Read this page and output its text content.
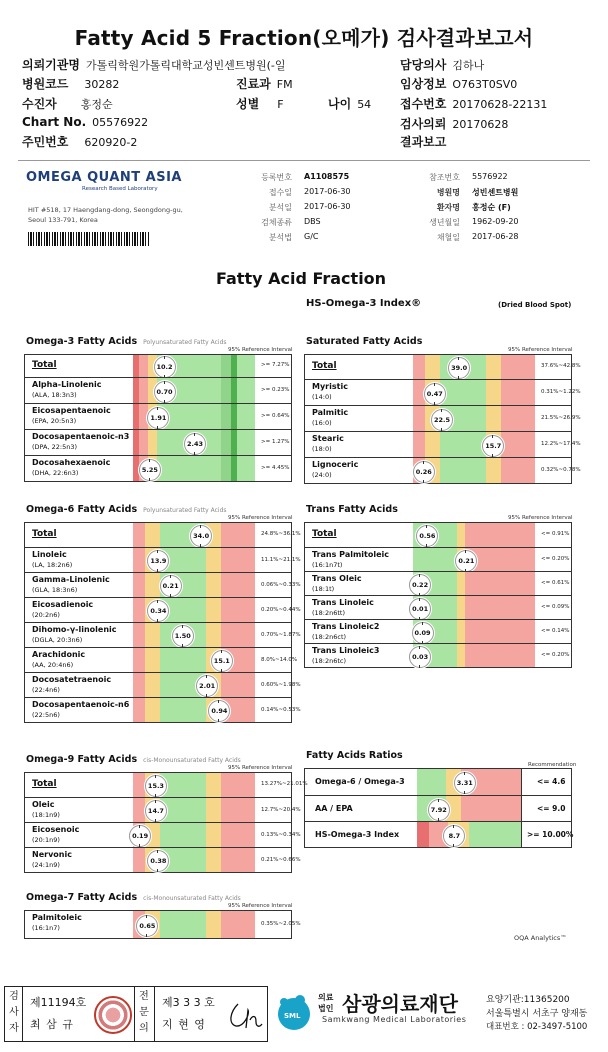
Fatty Acid 5 Fraction(오메가) 검사결과보고서
의뢰기관명 가톨릭학원가톨릭대학교성빈센트병원(-일	담당의사 김하나
병원코드 30282	진료과 FM	임상정보 O763T0SV0
수진자 홍정순	성별 F	나이 54 접수번호 20170628-22131
Chart No. 05576922	검사의뢰 20170628
주민번호 620920-2	결과보고
OMEGA QUANT ASIA
Research Based Laboratory
HIT #518, 17 Haengdang-dong, Seongdong-gu,
Seoul 133-791, Korea
Fatty Acid Fraction
HS-Omega-3 Index®	(Dried Blood Spot)
OQA Analytics™
등록번호 A1108575
접수일 2017-06-30
분석일 2017-06-30
검체종류 DBS
분석법 G/C
참조번호 5576922
병원명 성빈센트병원
환자명 홍정순 (F)
생년월일 1962-09-20
채혈일 2017-06-28
Omega-3 Fatty Acids Polyunsaturated Fatty Acids
95% Reference Interval
Total	10.2	>= 7.27%
Alpha-Linolenic
(ALA, 18:3n3)	0.70	>= 0.23%
Eicosapentaenoic
(EPA, 20:5n3)	1.91	>= 0.64%
Docosapentaenoic-n3
(DPA, 22:5n3)	2.43	>= 1.27%
Docosahexaenoic
(DHA, 22:6n3)	5.25	>= 4.45%
Saturated Fatty Acids
95% Reference Interval
Total	39.0	37.6%~42.8%
Myristic
(14:0)	0.47	0.31%~1.22%
Palmitic
(16:0)	22.5	21.5%~26.9%
Stearic
(18:0)	15.7	12.2%~17.4%
Lignoceric
(24:0)	0.26	0.32%~0.78%
Omega-6 Fatty Acids Polyunsaturated Fatty Acids
95% Reference Interval
Total	34.0	24.8%~36.1%
Linoleic
(LA, 18:2n6)	13.9	11.1%~21.1%
Gamma-Linolenic
(GLA, 18:3n6)	0.21	0.06%~0.33%
Eicosadienoic
(20:2n6)	0.34	0.20%~0.44%
Dihomo-γ-linolenic
(DGLA, 20:3n6)	1.50	0.70%~1.87%
Arachidonic
(AA, 20:4n6)	15.1	8.0%~14.0%
Docosatetraenoic
(22:4n6)	2.01	0.60%~1.98%
Docosapentaenoic-n6
(22:5n6)	0.94	0.14%~0.53%
Trans Fatty Acids
95% Reference Interval
Total	0.56	<= 0.91%
Trans Palmitoleic
(16:1n7t)
0.21	<= 0.20%
Trans Oleic
(18:1t)
0.22	<= 0.61%
Trans Linoleic
(18:2n6tt)
0.01	<= 0.09%
Trans Linoleic2
(18:2n6ct)
0.09	<= 0.14%
Trans Linoleic3
(18:2n6tc)
0.03	<= 0.20%
Omega-9 Fatty Acids cis-Monounsaturated Fatty Acids
95% Reference Interval
Total	15.3	13.27%~21.01%
Oleic
(18:1n9)	14.7	12.7%~20.4%
Eicosenoic
(20:1n9)	0.19	0.13%~0.34%
Nervonic
(24:1n9)	0.38	0.21%~0.66%
Omega-7 Fatty Acids cis-Monounsaturated Fatty Acids
95% Reference Interval
Palmitoleic
(16:1n7)	0.65	0.35%~2.05%
Fatty Acids Ratios
Recommendation
Omega-6 / Omega-3	3.31	<= 4.6
AA / EPA	7.92	<= 9.0
HS-Omega-3 Index	8.7	>= 10.00%
검사자
제11194호
최 삼 규
전문의
제3 3 3 호
지 현 영
SML
의료
법인 삼광의료재단
Samkwang Medical Laboratories
요양기관:11365200
서울특별시 서초구 양재동
대표번호 : 02-3497-5100
